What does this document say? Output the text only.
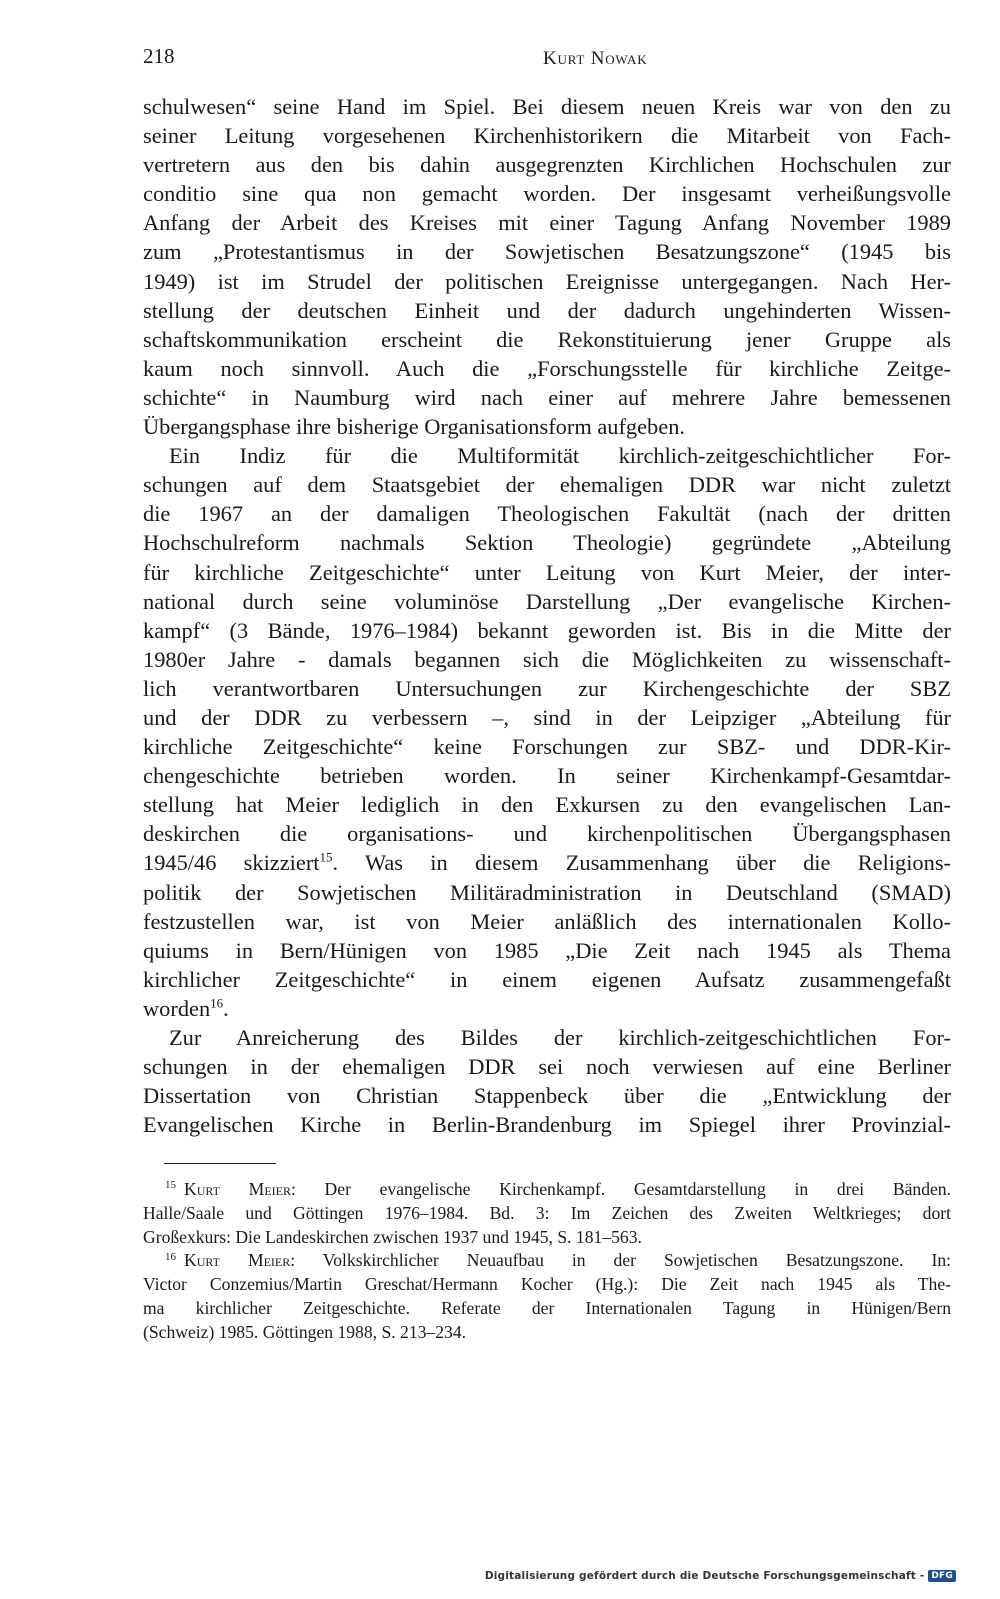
218	Kurt Nowak

schulwesen“ seine Hand im Spiel. Bei diesem neuen Kreis war von den zu
seiner Leitung vorgesehenen Kirchenhistorikern die Mitarbeit von Fach-
vertretern aus den bis dahin ausgegrenzten Kirchlichen Hochschulen zur
conditio sine qua non gemacht worden. Der insgesamt verheißungsvolle
Anfang der Arbeit des Kreises mit einer Tagung Anfang November 1989
zum „Protestantismus in der Sowjetischen Besatzungszone“ (1945 bis
1949) ist im Strudel der politischen Ereignisse untergegangen. Nach Her-
stellung der deutschen Einheit und der dadurch ungehinderten Wissen-
schaftskommunikation erscheint die Rekonstituierung jener Gruppe als
kaum noch sinnvoll. Auch die „Forschungsstelle für kirchliche Zeitge-
schichte“ in Naumburg wird nach einer auf mehrere Jahre bemessenen
Übergangsphase ihre bisherige Organisationsform aufgeben.

Ein Indiz für die Multiformität kirchlich-zeitgeschichtlicher For-
schungen auf dem Staatsgebiet der ehemaligen DDR war nicht zuletzt
die 1967 an der damaligen Theologischen Fakultät (nach der dritten
Hochschulreform nachmals Sektion Theologie) gegründete „Abteilung
für kirchliche Zeitgeschichte“ unter Leitung von Kurt Meier, der inter-
national durch seine voluminöse Darstellung „Der evangelische Kirchen-
kampf“ (3 Bände, 1976–1984) bekannt geworden ist. Bis in die Mitte der
1980er Jahre - damals begannen sich die Möglichkeiten zu wissenschaft-
lich verantwortbaren Untersuchungen zur Kirchengeschichte der SBZ
und der DDR zu verbessern –, sind in der Leipziger „Abteilung für
kirchliche Zeitgeschichte“ keine Forschungen zur SBZ- und DDR-Kir-
chengeschichte betrieben worden. In seiner Kirchenkampf-Gesamtdar-
stellung hat Meier lediglich in den Exkursen zu den evangelischen Lan-
deskirchen die organisations- und kirchenpolitischen Übergangsphasen
1945/46 skizziert$^{15}$. Was in diesem Zusammenhang über die Religions-
politik der Sowjetischen Militäradministration in Deutschland (SMAD)
festzustellen war, ist von Meier anläßlich des internationalen Kollo-
quiums in Bern/Hünigen von 1985 „Die Zeit nach 1945 als Thema
kirchlicher Zeitgeschichte“ in einem eigenen Aufsatz zusammengefaßt
worden$^{16}$.

Zur Anreicherung des Bildes der kirchlich-zeitgeschichtlichen For-
schungen in der ehemaligen DDR sei noch verwiesen auf eine Berliner
Dissertation von Christian Stappenbeck über die „Entwicklung der
Evangelischen Kirche in Berlin-Brandenburg im Spiegel ihrer Provinzial-

$^{15}$ Kurt Meier: Der evangelische Kirchenkampf. Gesamtdarstellung in drei Bänden.
Halle/Saale und Göttingen 1976–1984. Bd. 3: Im Zeichen des Zweiten Weltkrieges; dort
Großexkurs: Die Landeskirchen zwischen 1937 und 1945, S. 181–563.
$^{16}$ Kurt Meier: Volkskirchlicher Neuaufbau in der Sowjetischen Besatzungszone. In:
Victor Conzemius/Martin Greschat/Hermann Kocher (Hg.): Die Zeit nach 1945 als The-
ma kirchlicher Zeitgeschichte. Referate der Internationalen Tagung in Hünigen/Bern
(Schweiz) 1985. Göttingen 1988, S. 213–234.
Digitalisierung gefördert durch die Deutsche Forschungsgemeinschaft - DFG
